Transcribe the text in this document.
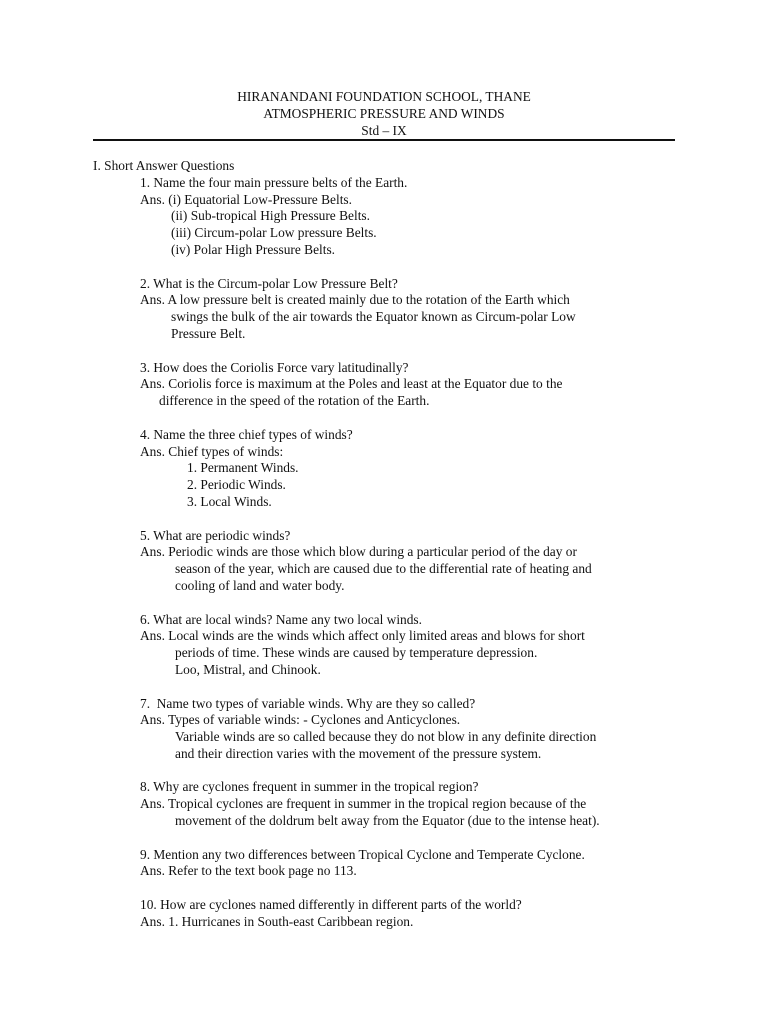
HIRANANDANI FOUNDATION SCHOOL, THANE
ATMOSPHERIC PRESSURE AND WINDS
Std – IX
I. Short Answer Questions
1. Name the four main pressure belts of the Earth.
Ans. (i) Equatorial Low-Pressure Belts.
(ii) Sub-tropical High Pressure Belts.
(iii) Circum-polar Low pressure Belts.
(iv) Polar High Pressure Belts.
2. What is the Circum-polar Low Pressure Belt?
Ans. A low pressure belt is created mainly due to the rotation of the Earth which
swings the bulk of the air towards the Equator known as Circum-polar Low
Pressure Belt.
3. How does the Coriolis Force vary latitudinally?
Ans. Coriolis force is maximum at the Poles and least at the Equator due to the
difference in the speed of the rotation of the Earth.
4. Name the three chief types of winds?
Ans. Chief types of winds:
1. Permanent Winds.
2. Periodic Winds.
3. Local Winds.
5. What are periodic winds?
Ans. Periodic winds are those which blow during a particular period of the day or
season of the year, which are caused due to the differential rate of heating and
cooling of land and water body.
6. What are local winds? Name any two local winds.
Ans. Local winds are the winds which affect only limited areas and blows for short
periods of time. These winds are caused by temperature depression.
Loo, Mistral, and Chinook.
7.  Name two types of variable winds. Why are they so called?
Ans. Types of variable winds: - Cyclones and Anticyclones.
Variable winds are so called because they do not blow in any definite direction
and their direction varies with the movement of the pressure system.
8. Why are cyclones frequent in summer in the tropical region?
Ans. Tropical cyclones are frequent in summer in the tropical region because of the
movement of the doldrum belt away from the Equator (due to the intense heat).
9. Mention any two differences between Tropical Cyclone and Temperate Cyclone.
Ans. Refer to the text book page no 113.
10. How are cyclones named differently in different parts of the world?
Ans. 1. Hurricanes in South-east Caribbean region.
